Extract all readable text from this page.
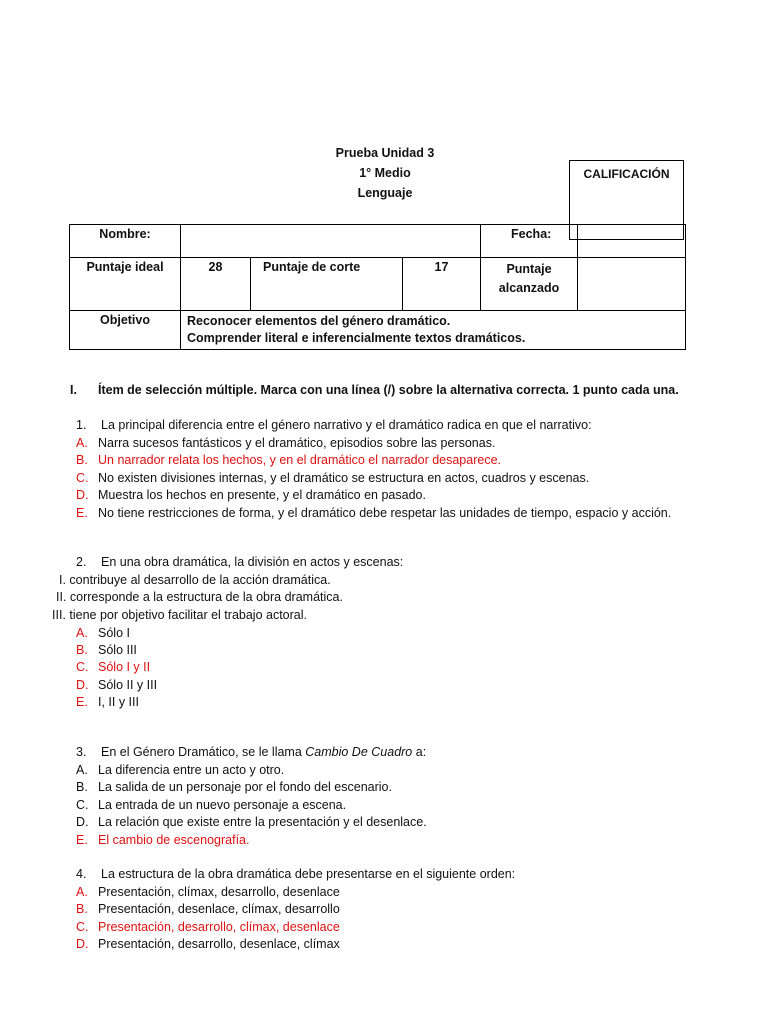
Prueba Unidad 3
1° Medio
Lenguaje
CALIFICACIÓN
Nombre:				Fecha:	
Puntaje ideal	28	Puntaje de corte	17	Puntaje
alcanzado	
Objetivo	Reconocer elementos del género dramático.
Comprender literal e inferencialmente textos dramáticos.				
I. Ítem de selección múltiple. Marca con una línea (/) sobre la alternativa correcta. 1 punto cada una.
1. La principal diferencia entre el género narrativo y el dramático radica en que el narrativo:
A. Narra sucesos fantásticos y el dramático, episodios sobre las personas.
B. Un narrador relata los hechos, y en el dramático el narrador desaparece.
C. No existen divisiones internas, y el dramático se estructura en actos, cuadros y escenas.
D. Muestra los hechos en presente, y el dramático en pasado.
E. No tiene restricciones de forma, y el dramático debe respetar las unidades de tiempo, espacio y acción.
2. En una obra dramática, la división en actos y escenas:
I. contribuye al desarrollo de la acción dramática.
II. corresponde a la estructura de la obra dramática.
III. tiene por objetivo facilitar el trabajo actoral.
A. Sólo I
B. Sólo III
C. Sólo I y II
D. Sólo II y III
E. I, II y III
3. En el Género Dramático, se le llama Cambio De Cuadro a:
A. La diferencia entre un acto y otro.
B. La salida de un personaje por el fondo del escenario.
C. La entrada de un nuevo personaje a escena.
D. La relación que existe entre la presentación y el desenlace.
E. El cambio de escenografía.
4. La estructura de la obra dramática debe presentarse en el siguiente orden:
A. Presentación, clímax, desarrollo, desenlace
B. Presentación, desenlace, clímax, desarrollo
C. Presentación, desarrollo, clímax, desenlace
D. Presentación, desarrollo, desenlace, clímax
